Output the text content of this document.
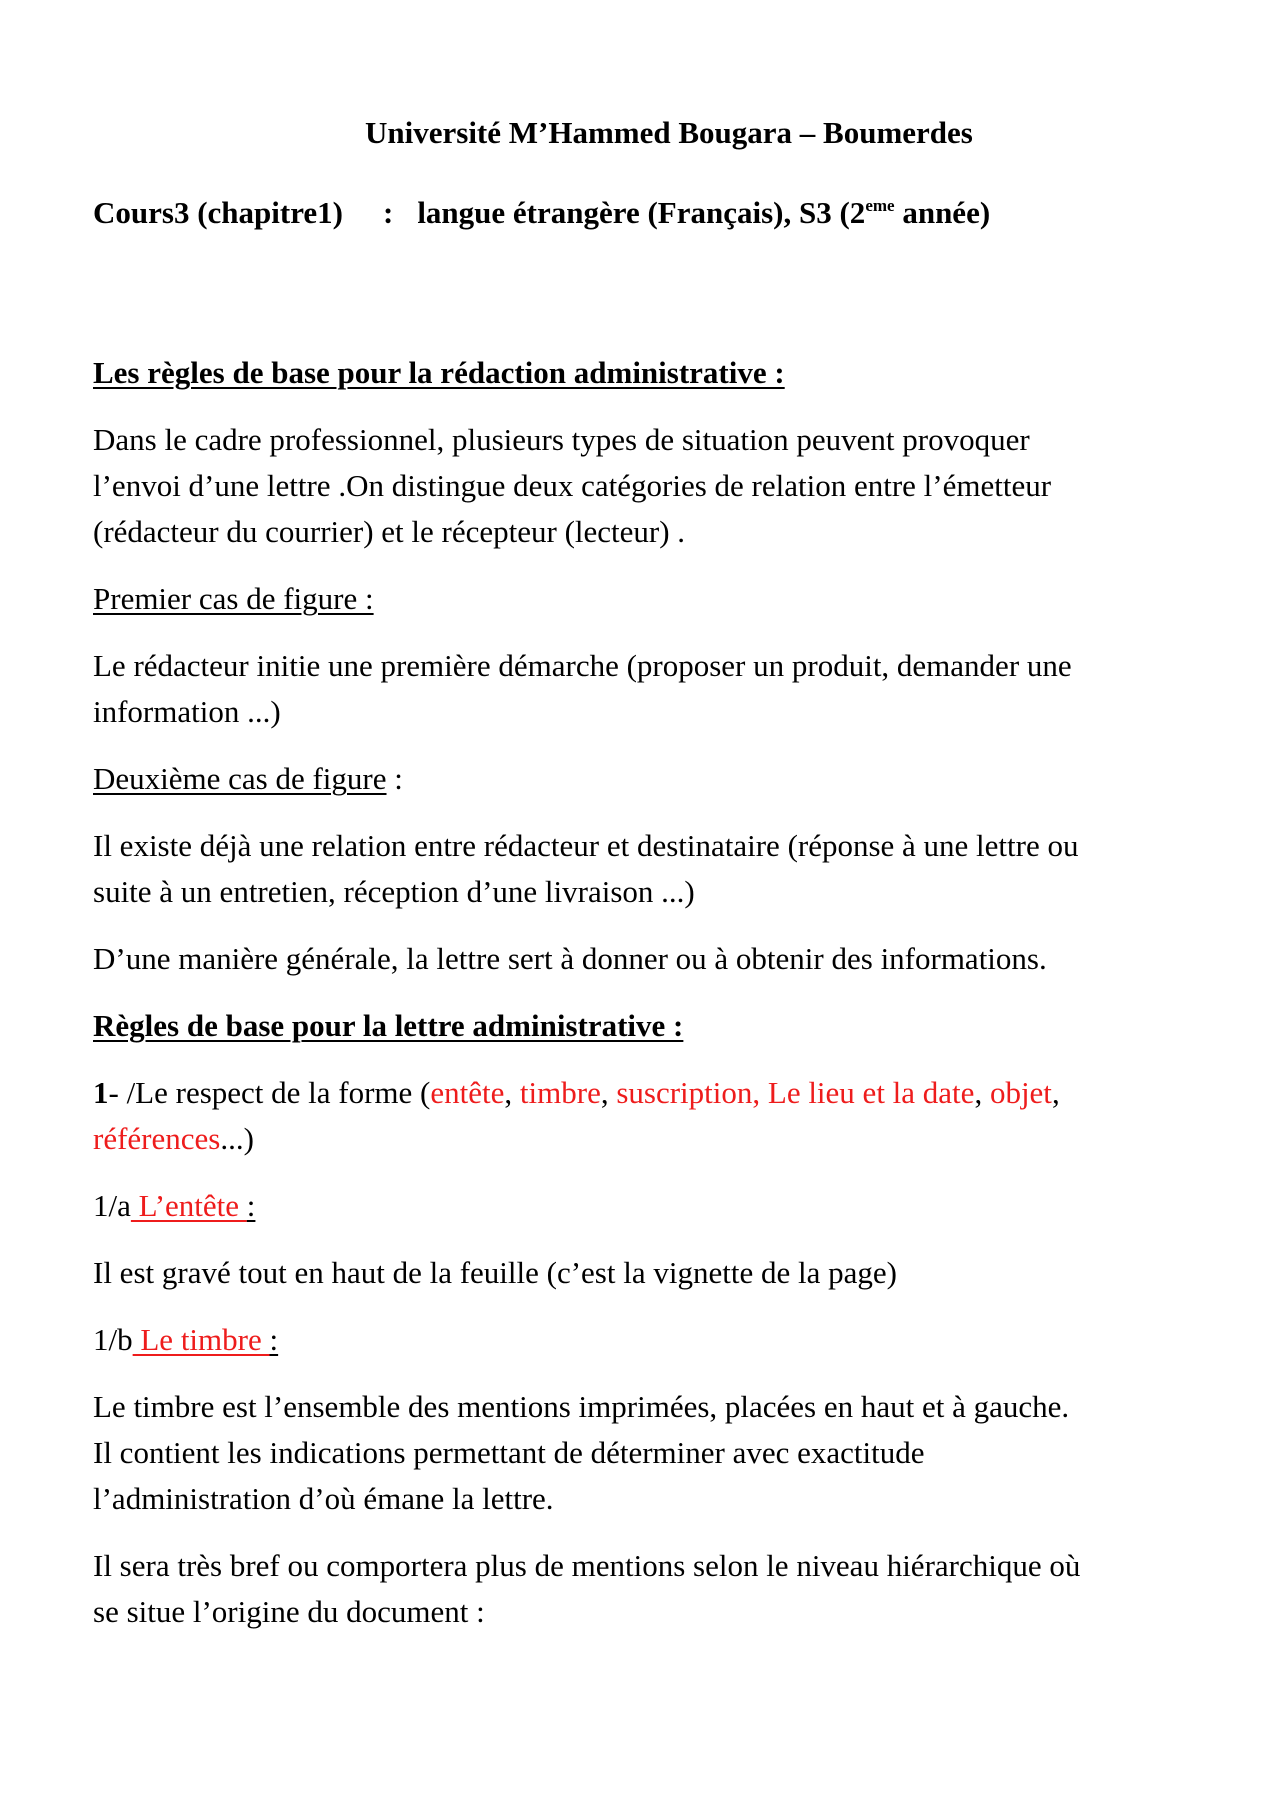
Université M’Hammed Bougara – Boumerdes
Cours3 (chapitre1) : langue étrangère (Français), S3 (2eme année)
Les règles de base pour la rédaction administrative :
Dans le cadre professionnel, plusieurs types de situation peuvent provoquer
l’envoi d’une lettre .On distingue deux catégories de relation entre l’émetteur
(rédacteur du courrier) et le récepteur (lecteur) .
Premier cas de figure :
Le rédacteur initie une première démarche (proposer un produit, demander une
information ...)
Deuxième cas de figure :
Il existe déjà une relation entre rédacteur et destinataire (réponse à une lettre ou
suite à un entretien, réception d’une livraison ...)
D’une manière générale, la lettre sert à donner ou à obtenir des informations.
Règles de base pour la lettre administrative :
1- /Le respect de la forme (entête, timbre, suscription, Le lieu et la date, objet,
références...)
1/a L’entête :
Il est gravé tout en haut de la feuille (c’est la vignette de la page)
1/b Le timbre :
Le timbre est l’ensemble des mentions imprimées, placées en haut et à gauche.
Il contient les indications permettant de déterminer avec exactitude
l’administration d’où émane la lettre.
Il sera très bref ou comportera plus de mentions selon le niveau hiérarchique où
se situe l’origine du document :
